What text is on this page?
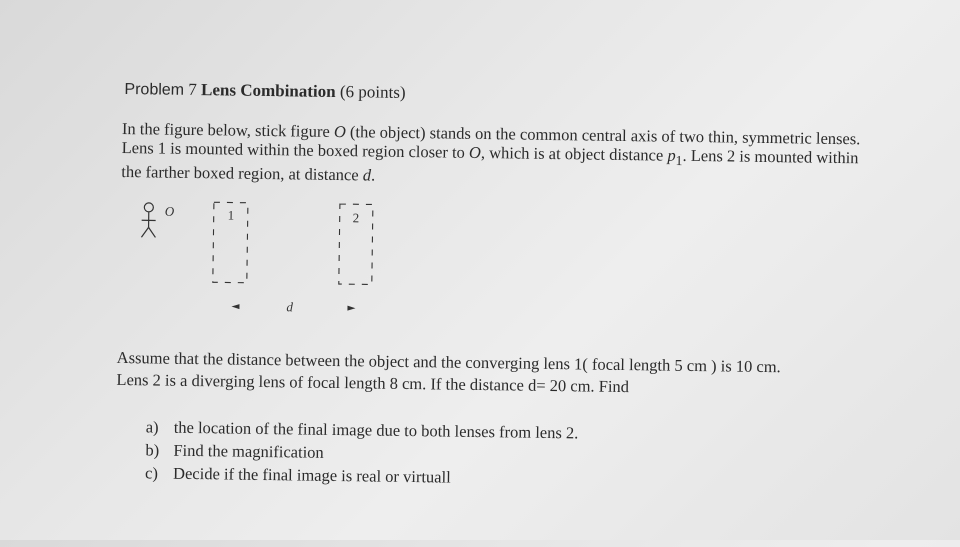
Problem 7 Lens Combination (6 points)
In the figure below, stick figure O (the object) stands on the common central axis of two thin, symmetric lenses. Lens 1 is mounted within the boxed region closer to O, which is at object distance $p_1$. Lens 2 is mounted within the farther boxed region, at distance d.
O	1	2
d
Assume that the distance between the object and the converging lens 1( focal length 5 cm ) is 10 cm.
Lens 2 is a diverging lens of focal length 8 cm. If the distance d= 20 cm. Find
a) the location of the final image due to both lenses from lens 2.
b) Find the magnification
c) Decide if the final image is real or virtuall
